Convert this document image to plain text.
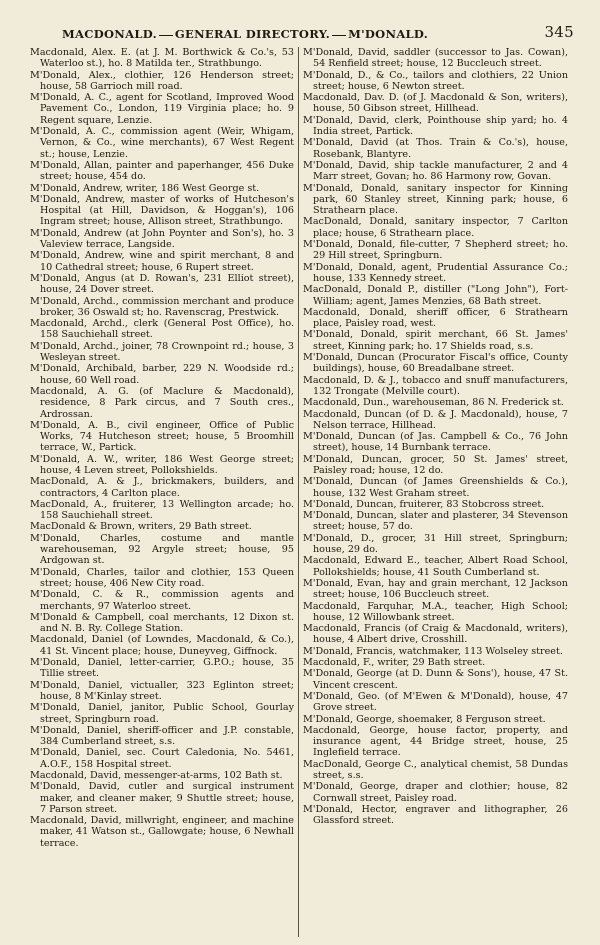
MACDONALD. GENERAL DIRECTORY. M'DONALD.	345

Macdonald, Alex. E. (at J. M. Borthwick & Co.'s, 53 Waterloo st.), ho. 8 Matilda ter., Strathbungo.

M'Donald, Alex., clothier, 126 Henderson street; house, 58 Garrioch mill road.

M'Donald, A. C., agent for Scotland, Improved Wood Pavement Co., London, 119 Virginia place; ho. 9 Regent square, Lenzie.

M'Donald, A. C., commission agent (Weir, Whigam, Vernon, & Co., wine merchants), 67 West Regent st.; house, Lenzie.

M'Donald, Allan, painter and paperhanger, 456 Duke street; house, 454 do.

M'Donald, Andrew, writer, 186 West George st.

M'Donald, Andrew, master of works of Hutcheson's Hospital (at Hill, Davidson, & Hoggan's), 106 Ingram street; house, Allison street, Strathbungo.

M'Donald, Andrew (at John Poynter and Son's), ho. 3 Valeview terrace, Langside.

M'Donald, Andrew, wine and spirit merchant, 8 and 10 Cathedral street; house, 6 Rupert street.

M'Donald, Angus (at D. Rowan's, 231 Elliot street), house, 24 Dover street.

M'Donald, Archd., commission merchant and produce broker, 36 Oswald st; ho. Ravenscrag, Prestwick.

Macdonald, Archd., clerk (General Post Office), ho. 158 Sauchiehall street.

M'Donald, Archd., joiner, 78 Crownpoint rd.; house, 3 Wesleyan street.

M'Donald, Archibald, barber, 229 N. Woodside rd.; house, 60 Well road.

Macdonald, A. G. (of Maclure & Macdonald), residence, 8 Park circus, and 7 South cres., Ardrossan.

M'Donald, A. B., civil engineer, Office of Public Works, 74 Hutcheson street; house, 5 Broomhill terrace, W., Partick.

M'Donald, A. W., writer, 186 West George street; house, 4 Leven street, Pollokshields.

MacDonald, A. & J., brickmakers, builders, and contractors, 4 Carlton place.

MacDonald, A., fruiterer, 13 Wellington arcade; ho. 158 Sauchiehall street.

MacDonald & Brown, writers, 29 Bath street.

M'Donald, Charles, costume and mantle warehouseman, 92 Argyle street; house, 95 Ardgowan st.

M'Donald, Charles, tailor and clothier, 153 Queen street; house, 406 New City road.

M'Donald, C. & R., commission agents and merchants, 97 Waterloo street.

M'Donald & Campbell, coal merchants, 12 Dixon st. and N. B. Ry. College Station.

Macdonald, Daniel (of Lowndes, Macdonald, & Co.), 41 St. Vincent place; house, Duneyveg, Giffnock.

M'Donald, Daniel, letter-carrier, G.P.O.; house, 35 Tillie street.

M'Donald, Daniel, victualler, 323 Eglinton street; house, 8 M'Kinlay street.

M'Donald, Daniel, janitor, Public School, Gourlay street, Springburn road.

M'Donald, Daniel, sheriff-officer and J.P. constable, 384 Cumberland street, s.s.

M'Donald, Daniel, sec. Court Caledonia, No. 5461, A.O.F., 158 Hospital street.

Macdonald, David, messenger-at-arms, 102 Bath st.

M'Donald, David, cutler and surgical instrument maker, and cleaner maker, 9 Shuttle street; house, 7 Parson street.

Macdonald, David, millwright, engineer, and machine maker, 41 Watson st., Gallowgate; house, 6 Newhall terrace.

M'Donald, David, saddler (successor to Jas. Cowan), 54 Renfield street; house, 12 Buccleuch street.

M'Donald, D., & Co., tailors and clothiers, 22 Union street; house, 6 Newton street.

Macdonald, Dav. D. (of J. Macdonald & Son, writers), house, 50 Gibson street, Hillhead.

M'Donald, David, clerk, Pointhouse ship yard; ho. 4 India street, Partick.

M'Donald, David (at Thos. Train & Co.'s), house, Rosebank, Blantyre.

M'Donald, David, ship tackle manufacturer, 2 and 4 Marr street, Govan; ho. 86 Harmony row, Govan.

M'Donald, Donald, sanitary inspector for Kinning park, 60 Stanley street, Kinning park; house, 6 Strathearn place.

MacDonald, Donald, sanitary inspector, 7 Carlton place; house, 6 Strathearn place.

M'Donald, Donald, file-cutter, 7 Shepherd street; ho. 29 Hill street, Springburn.

M'Donald, Donald, agent, Prudential Assurance Co.; house, 133 Kennedy street.

MacDonald, Donald P., distiller ("Long John"), Fort-William; agent, James Menzies, 68 Bath street.

Macdonald, Donald, sheriff officer, 6 Strathearn place, Paisley road, west.

M'Donald, Donald, spirit merchant, 66 St. James' street, Kinning park; ho. 17 Shields road, s.s.

M'Donald, Duncan (Procurator Fiscal's office, County buildings), house, 60 Breadalbane street.

Macdonald, D. & J., tobacco and snuff manufacturers, 132 Trongate (Melville court).

Macdonald, Dun., warehouseman, 86 N. Frederick st.

Macdonald, Duncan (of D. & J. Macdonald), house, 7 Nelson terrace, Hillhead.

M'Donald, Duncan (of Jas. Campbell & Co., 76 John street), house, 14 Burnbank terrace.

M'Donald, Duncan, grocer, 50 St. James' street, Paisley road; house, 12 do.

M'Donald, Duncan (of James Greenshields & Co.), house, 132 West Graham street.

M'Donald, Duncan, fruiterer, 83 Stobcross street.

M'Donald, Duncan, slater and plasterer, 34 Stevenson street; house, 57 do.

M'Donald, D., grocer, 31 Hill street, Springburn; house, 29 do.

Macdonald, Edward E., teacher, Albert Road School, Pollokshields; house, 41 South Cumberland st.

M'Donald, Evan, hay and grain merchant, 12 Jackson street; house, 106 Buccleuch street.

Macdonald, Farquhar, M.A., teacher, High School; house, 12 Willowbank street.

Macdonald, Francis (of Craig & Macdonald, writers), house, 4 Albert drive, Crosshill.

M'Donald, Francis, watchmaker, 113 Wolseley street.

Macdonald, F., writer, 29 Bath street.

M'Donald, George (at D. Dunn & Sons'), house, 47 St. Vincent crescent.

M'Donald, Geo. (of M'Ewen & M'Donald), house, 47 Grove street.

M'Donald, George, shoemaker, 8 Ferguson street.

Macdonald, George, house factor, property, and insurance agent, 44 Bridge street, house, 25 Inglefield terrace.

MacDonald, George C., analytical chemist, 58 Dundas street, s.s.

M'Donald, George, draper and clothier; house, 82 Cornwall street, Paisley road.

M'Donald, Hector, engraver and lithographer, 26 Glassford street.
